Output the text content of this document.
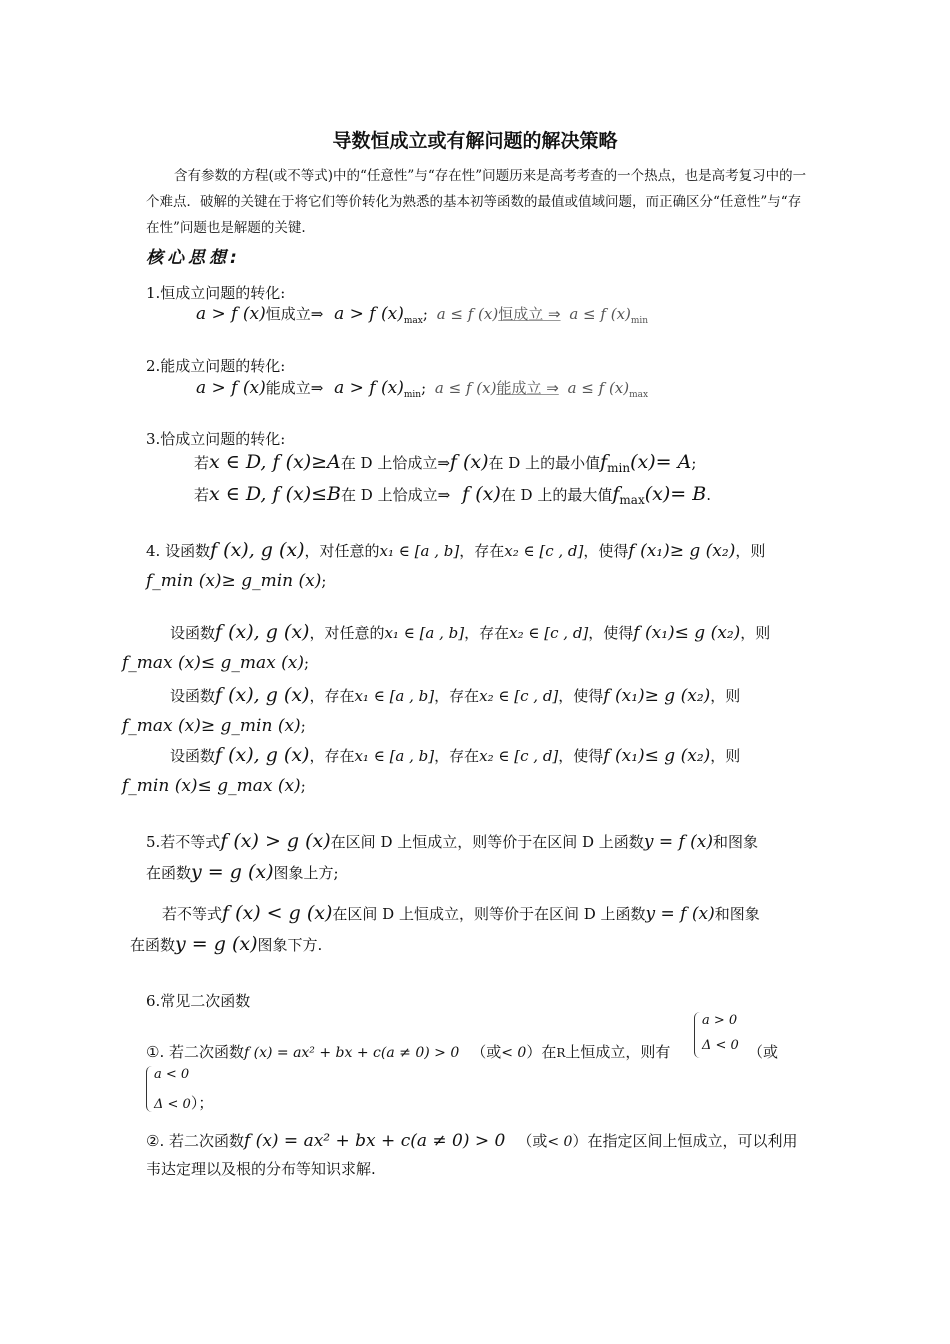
导数恒成立或有解问题的解决策略
含有参数的方程(或不等式)中的“任意性”与“存在性”问题历来是高考考查的一个热点，也是高考复习中的一个难点．破解的关键在于将它们等价转化为熟悉的基本初等函数的最值或值域问题，而正确区分“任意性”与“存在性”问题也是解题的关键.
核心思想:
1.恒成立问题的转化:
a > f (x)恒成立⇒ a > f $(x)_{max}$; a ≤ f (x)恒成立 ⇒ a ≤ f $(x)_{min}$
2.能成立问题的转化:
a > f (x)能成立⇒ a > f $(x)_{min}$; a ≤ f (x)能成立 ⇒ a ≤ f $(x)_{max}$
3.恰成立问题的转化:
若x ∈ D, f (x)≥A在 D 上恰成立⇒f (x)在 D 上的最小值$f_{min}(x)= A$;
若x ∈ D, f (x)≤B在 D 上恰成立⇒ f (x)在 D 上的最大值$f_{max}(x)= B$.
4. 设函数f (x), g (x)，对任意的x₁ ∈ [a , b]，存在x₂ ∈ [c , d]，使得f (x₁)≥ g (x₂)，则
f_min (x)≥ g_min (x);
设函数f (x), g (x)，对任意的x₁ ∈ [a , b]，存在x₂ ∈ [c , d]，使得f (x₁)≤ g (x₂)，则
f_max (x)≤ g_max (x);
设函数f (x), g (x)，存在x₁ ∈ [a , b]，存在x₂ ∈ [c , d]，使得f (x₁)≥ g (x₂)，则
f_max (x)≥ g_min (x);
设函数f (x), g (x)，存在x₁ ∈ [a , b]，存在x₂ ∈ [c , d]，使得f (x₁)≤ g (x₂)，则
f_min (x)≤ g_max (x);
5.若不等式f (x) > g (x)在区间 D 上恒成立，则等价于在区间 D 上函数y = f (x)和图象
在函数y = g (x)图象上方;
若不等式f (x) < g (x)在区间 D 上恒成立，则等价于在区间 D 上函数y = f (x)和图象
在函数y = g (x)图象下方.
6.常见二次函数
①. 若二次函数f (x) = ax² + bx + c(a ≠ 0) > 0 （或< 0）在R上恒成立，则有
a > 0
Δ < 0 （或
a < 0
Δ < 0）；
②. 若二次函数f (x) = ax² + bx + c(a ≠ 0) > 0 （或< 0）在指定区间上恒成立，可以利用
韦达定理以及根的分布等知识求解.
